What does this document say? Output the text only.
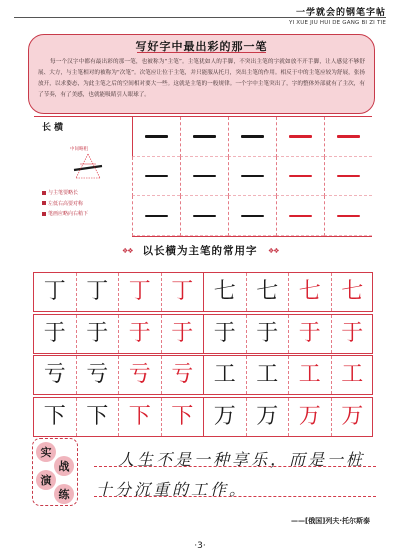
一学就会的钢笔字帖
YI XUE JIU HUI DE GANG BI ZI TIE
写好字中最出彩的那一笔
每一个汉字中都有最出彩的那一笔，也被称为“主笔”。主笔犹如人的手脚，不突出主笔的字就如放不开手脚，让人感觉不够舒展、大方，与主笔相对的被称为“次笔”。次笔应让位于主笔，并只能服从托月，突出主笔的作用。相反于中的主笔应较为舒展，张扬放开，以求姿态，为此主笔之后的空间相对要大一些。这就是主笔的一般规律。一个字中主笔突出了，字的整体外部就有了主次，有了节奏，有了美感，也就能吸睛引人眼球了。
长横
中间略粗
与主笔要略长
左低右高要对称
笔画应略向右稍下
❖❖ 以长横为主笔的常用字	❖❖
丁 丁 丁 丁 七 七 七 七
于 于 于 于 于 于 于 于
亏 亏 亏 亏 工 工 工 工
下 下 下 下 万 万 万 万
实
战
演
练
人生不是一种享乐，而是一桩
十分沉重的工作。
——[俄国]列夫·托尔斯泰
·3·
